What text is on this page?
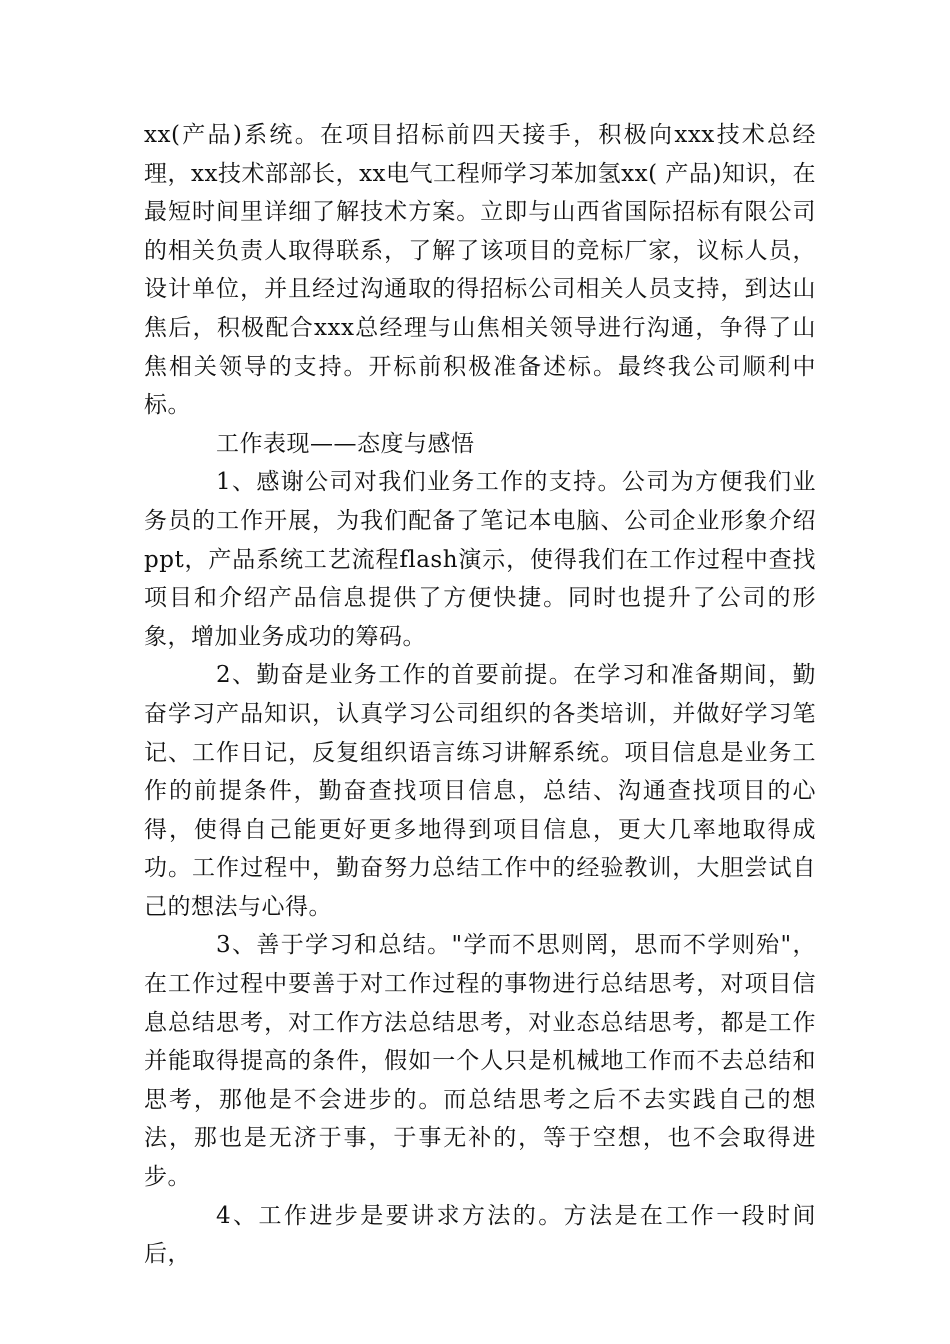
xx(产品)系统。在项目招标前四天接手，积极向xxx技术总经理，xx技术部部长，xx电气工程师学习苯加氢xx( 产品)知识，在最短时间里详细了解技术方案。立即与山西省国际招标有限公司的相关负责人取得联系，了解了该项目的竞标厂家，议标人员，设计单位，并且经过沟通取的得招标公司相关人员支持，到达山焦后，积极配合xxx总经理与山焦相关领导进行沟通，争得了山焦相关领导的支持。开标前积极准备述标。最终我公司顺利中标。

工作表现——态度与感悟

1、感谢公司对我们业务工作的支持。公司为方便我们业务员的工作开展，为我们配备了笔记本电脑、公司企业形象介绍ppt，产品系统工艺流程flash演示，使得我们在工作过程中查找项目和介绍产品信息提供了方便快捷。同时也提升了公司的形象，增加业务成功的筹码。

2、勤奋是业务工作的首要前提。在学习和准备期间，勤奋学习产品知识，认真学习公司组织的各类培训，并做好学习笔记、工作日记，反复组织语言练习讲解系统。项目信息是业务工作的前提条件，勤奋查找项目信息，总结、沟通查找项目的心得，使得自己能更好更多地得到项目信息，更大几率地取得成功。工作过程中，勤奋努力总结工作中的经验教训，大胆尝试自己的想法与心得。

3、善于学习和总结。"学而不思则罔，思而不学则殆"，在工作过程中要善于对工作过程的事物进行总结思考，对项目信息总结思考，对工作方法总结思考，对业态总结思考，都是工作并能取得提高的条件，假如一个人只是机械地工作而不去总结和思考，那他是不会进步的。而总结思考之后不去实践自己的想法，那也是无济于事，于事无补的，等于空想，也不会取得进步。

4、工作进步是要讲求方法的。方法是在工作一段时间后，
